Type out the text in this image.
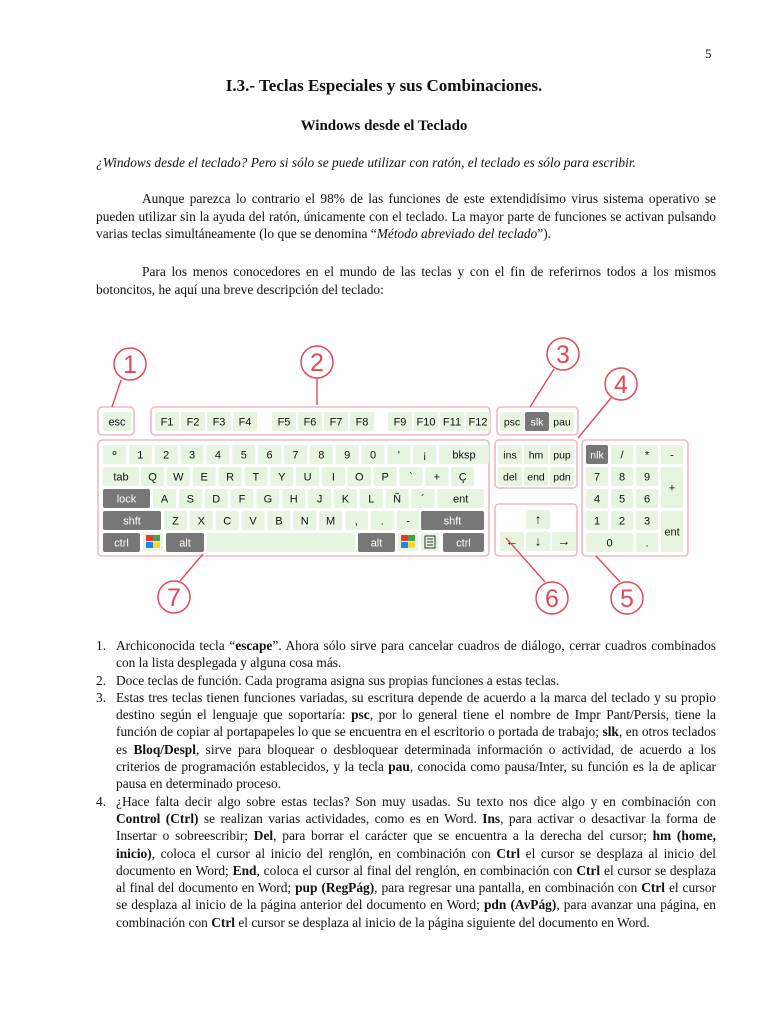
5
I.3.- Teclas Especiales y sus Combinaciones.
Windows desde el Teclado
¿Windows desde el teclado? Pero si sólo se puede utilizar con ratón, el teclado es sólo para escribir.

Aunque parezca lo contrario el 98% de las funciones de este extendidísimo virus sistema operativo se pueden utilizar sin la ayuda del ratón, únicamente con el teclado. La mayor parte de funciones se activan pulsando varias teclas simultáneamente (lo que se denomina “Método abreviado del teclado”).

Para los menos conocedores en el mundo de las teclas y con el fin de referirnos todos a los mismos botoncitos, he aquí una breve descripción del teclado:

esc	F1 F2 F3 F4 F5 F6 F7 F8 F9 F10 F11 F12 psc slk pau
º 1 2 3 4 5 6 7 8 9 0 ' ¡ bksp
tab Q W E R T Y U I O P ` + Ç
lock A S D F G H J K L Ñ ´	ent
shft	Z X C V B N M , . -	shft
ctrl	alt	alt	ctrl
ins hm pup
del end pdn
↑
← ↓ →
nlk / * -
7 8 9
+
4 5 6
1 2 3
ent
0	.
1	2	3
4
5
6
7
1. Archiconocida tecla “escape”. Ahora sólo sirve para cancelar cuadros de diálogo, cerrar cuadros combinados con la lista desplegada y alguna cosa más.
2. Doce teclas de función. Cada programa asigna sus propias funciones a estas teclas.
3. Estas tres teclas tienen funciones variadas, su escritura depende de acuerdo a la marca del teclado y su propio destino según el lenguaje que soportaría: psc, por lo general tiene el nombre de Impr Pant/Persis, tiene la función de copiar al portapapeles lo que se encuentra en el escritorio o portada de trabajo; slk, en otros teclados es Bloq/Despl, sirve para bloquear o desbloquear determinada información o actividad, de acuerdo a los criterios de programación establecidos, y la tecla pau, conocida como pausa/Inter, su función es la de aplicar pausa en determinado proceso.
4. ¿Hace falta decir algo sobre estas teclas? Son muy usadas. Su texto nos dice algo y en combinación con Control (Ctrl) se realizan varias actividades, como es en Word. Ins, para activar o desactivar la forma de Insertar o sobreescribir; Del, para borrar el carácter que se encuentra a la derecha del cursor; hm (home, inicio), coloca el cursor al inicio del renglón, en combinación con Ctrl el cursor se desplaza al inicio del documento en Word; End, coloca el cursor al final del renglón, en combinación con Ctrl el cursor se desplaza al final del documento en Word; pup (RegPág), para regresar una pantalla, en combinación con Ctrl el cursor se desplaza al inicio de la página anterior del documento en Word; pdn (AvPág), para avanzar una página, en combinación con Ctrl el cursor se desplaza al inicio de la página siguiente del documento en Word.
